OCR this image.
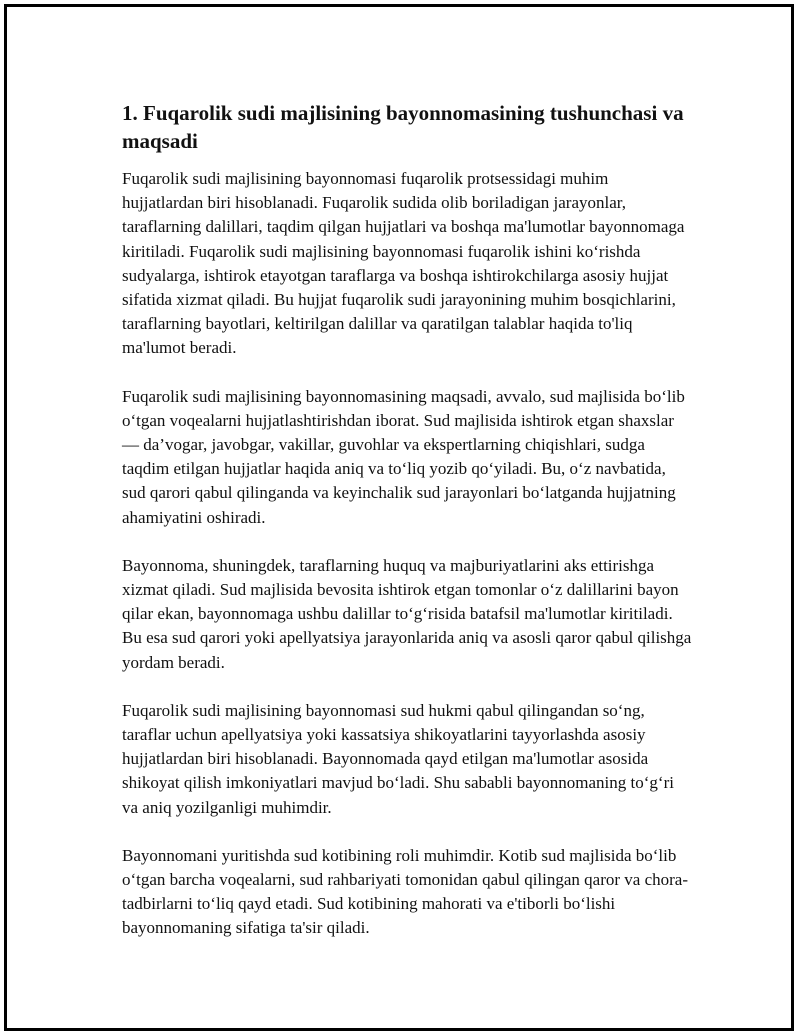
1. Fuqarolik sudi majlisining bayonnomasining tushunchasi va maqsadi

Fuqarolik sudi majlisining bayonnomasi fuqarolik protsessidagi muhim hujjatlardan biri hisoblanadi. Fuqarolik sudida olib boriladigan jarayonlar, taraflarning dalillari, taqdim qilgan hujjatlari va boshqa ma'lumotlar bayonnomaga kiritiladi. Fuqarolik sudi majlisining bayonnomasi fuqarolik ishini koʻrishda sudyalarga, ishtirok etayotgan taraflarga va boshqa ishtirokchilarga asosiy hujjat sifatida xizmat qiladi. Bu hujjat fuqarolik sudi jarayonining muhim bosqichlarini, taraflarning bayotlari, keltirilgan dalillar va qaratilgan talablar haqida to'liq ma'lumot beradi.

Fuqarolik sudi majlisining bayonnomasining maqsadi, avvalo, sud majlisida boʻlib oʻtgan voqealarni hujjatlashtirishdan iborat. Sud majlisida ishtirok etgan shaxslar — da’vogar, javobgar, vakillar, guvohlar va ekspertlarning chiqishlari, sudga taqdim etilgan hujjatlar haqida aniq va toʻliq yozib qoʻyiladi. Bu, oʻz navbatida, sud qarori qabul qilinganda va keyinchalik sud jarayonlari boʻlatganda hujjatning ahamiyatini oshiradi.

Bayonnoma, shuningdek, taraflarning huquq va majburiyatlarini aks ettirishga xizmat qiladi. Sud majlisida bevosita ishtirok etgan tomonlar oʻz dalillarini bayon qilar ekan, bayonnomaga ushbu dalillar toʻgʻrisida batafsil ma'lumotlar kiritiladi. Bu esa sud qarori yoki apellyatsiya jarayonlarida aniq va asosli qaror qabul qilishga yordam beradi.

Fuqarolik sudi majlisining bayonnomasi sud hukmi qabul qilingandan soʻng, taraflar uchun apellyatsiya yoki kassatsiya shikoyatlarini tayyorlashda asosiy hujjatlardan biri hisoblanadi. Bayonnomada qayd etilgan ma'lumotlar asosida shikoyat qilish imkoniyatlari mavjud boʻladi. Shu sababli bayonnomaning toʻgʻri va aniq yozilganligi muhimdir.

Bayonnomani yuritishda sud kotibining roli muhimdir. Kotib sud majlisida boʻlib oʻtgan barcha voqealarni, sud rahbariyati tomonidan qabul qilingan qaror va chora-tadbirlarni toʻliq qayd etadi. Sud kotibining mahorati va e'tiborli boʻlishi bayonnomaning sifatiga ta'sir qiladi.
